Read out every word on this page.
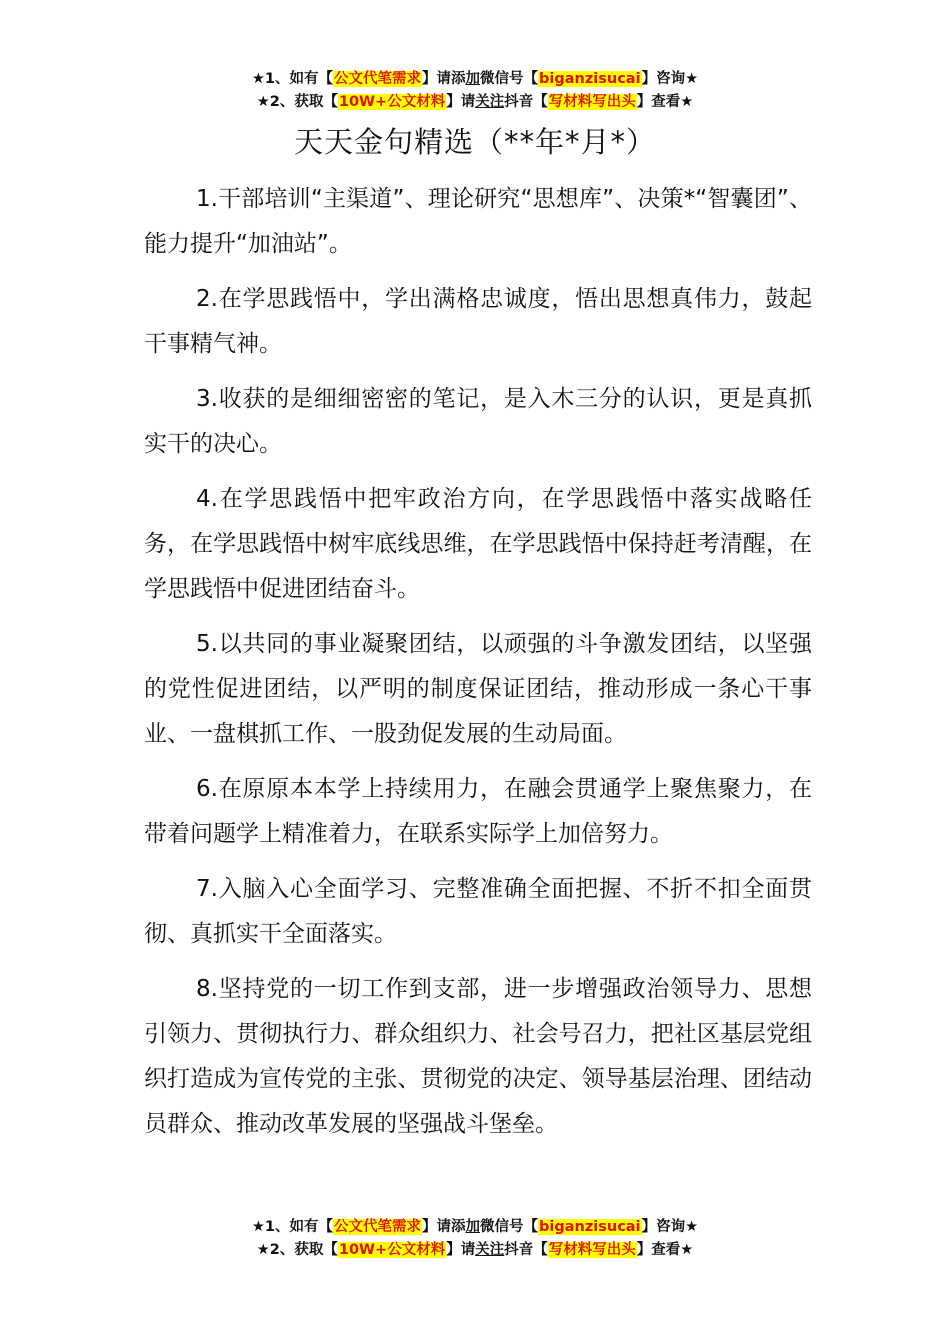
★1、如有【公文代笔需求】请添加微信号【biganzisucai】咨询★
★2、获取【10W+公文材料】请关注抖音【写材料写出头】查看★
天天金句精选（**年*月*）

1.干部培训“主渠道”、理论研究“思想库”、决策*“智囊团”、能力提升“加油站”。

2.在学思践悟中，学出满格忠诚度，悟出思想真伟力，鼓起干事精气神。

3.收获的是细细密密的笔记，是入木三分的认识，更是真抓实干的决心。

4.在学思践悟中把牢政治方向，在学思践悟中落实战略任务，在学思践悟中树牢底线思维，在学思践悟中保持赶考清醒，在学思践悟中促进团结奋斗。

5.以共同的事业凝聚团结，以顽强的斗争激发团结，以坚强的党性促进团结，以严明的制度保证团结，推动形成一条心干事业、一盘棋抓工作、一股劲促发展的生动局面。

6.在原原本本学上持续用力，在融会贯通学上聚焦聚力，在带着问题学上精准着力，在联系实际学上加倍努力。

7.入脑入心全面学习、完整准确全面把握、不折不扣全面贯彻、真抓实干全面落实。

8.坚持党的一切工作到支部，进一步增强政治领导力、思想引领力、贯彻执行力、群众组织力、社会号召力，把社区基层党组织打造成为宣传党的主张、贯彻党的决定、领导基层治理、团结动员群众、推动改革发展的坚强战斗堡垒。

★1、如有【公文代笔需求】请添加微信号【biganzisucai】咨询★
★2、获取【10W+公文材料】请关注抖音【写材料写出头】查看★
